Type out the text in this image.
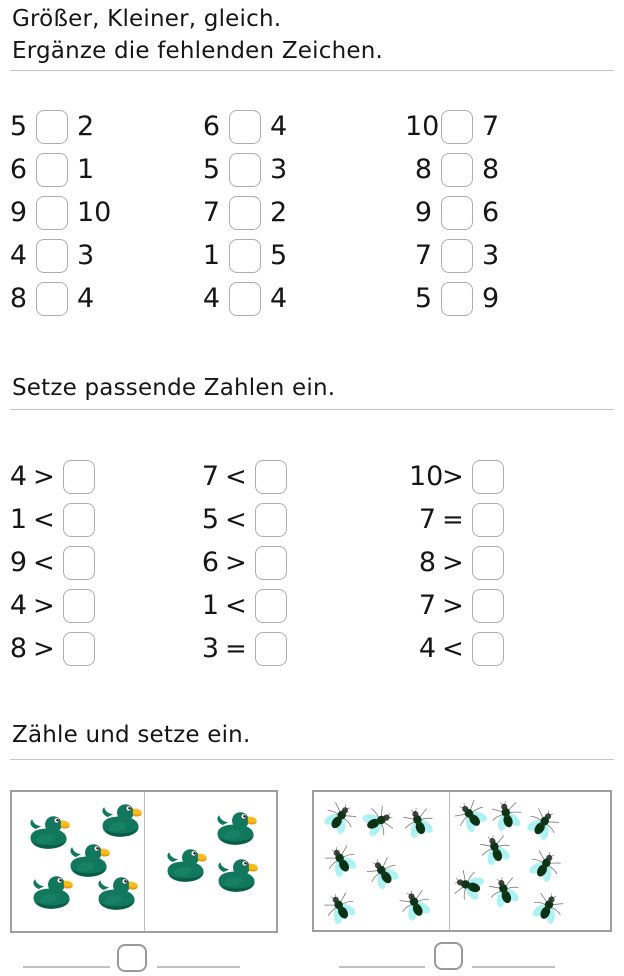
Größer, Kleiner, gleich.
Ergänze die fehlenden Zeichen.
5 2
6 1
9 10
4 3
8 4
6 4
5 3
7 2
1 5
4 4
10 7
8 8
9 6
7 3
5 9
Setze passende Zahlen ein.
4 >
1 <
9 <
4 >
8 >
7 <
5 <
6 >
1 <
3 =
10
>
7 =
8 >
7 >
4 <
Zähle und setze ein.
